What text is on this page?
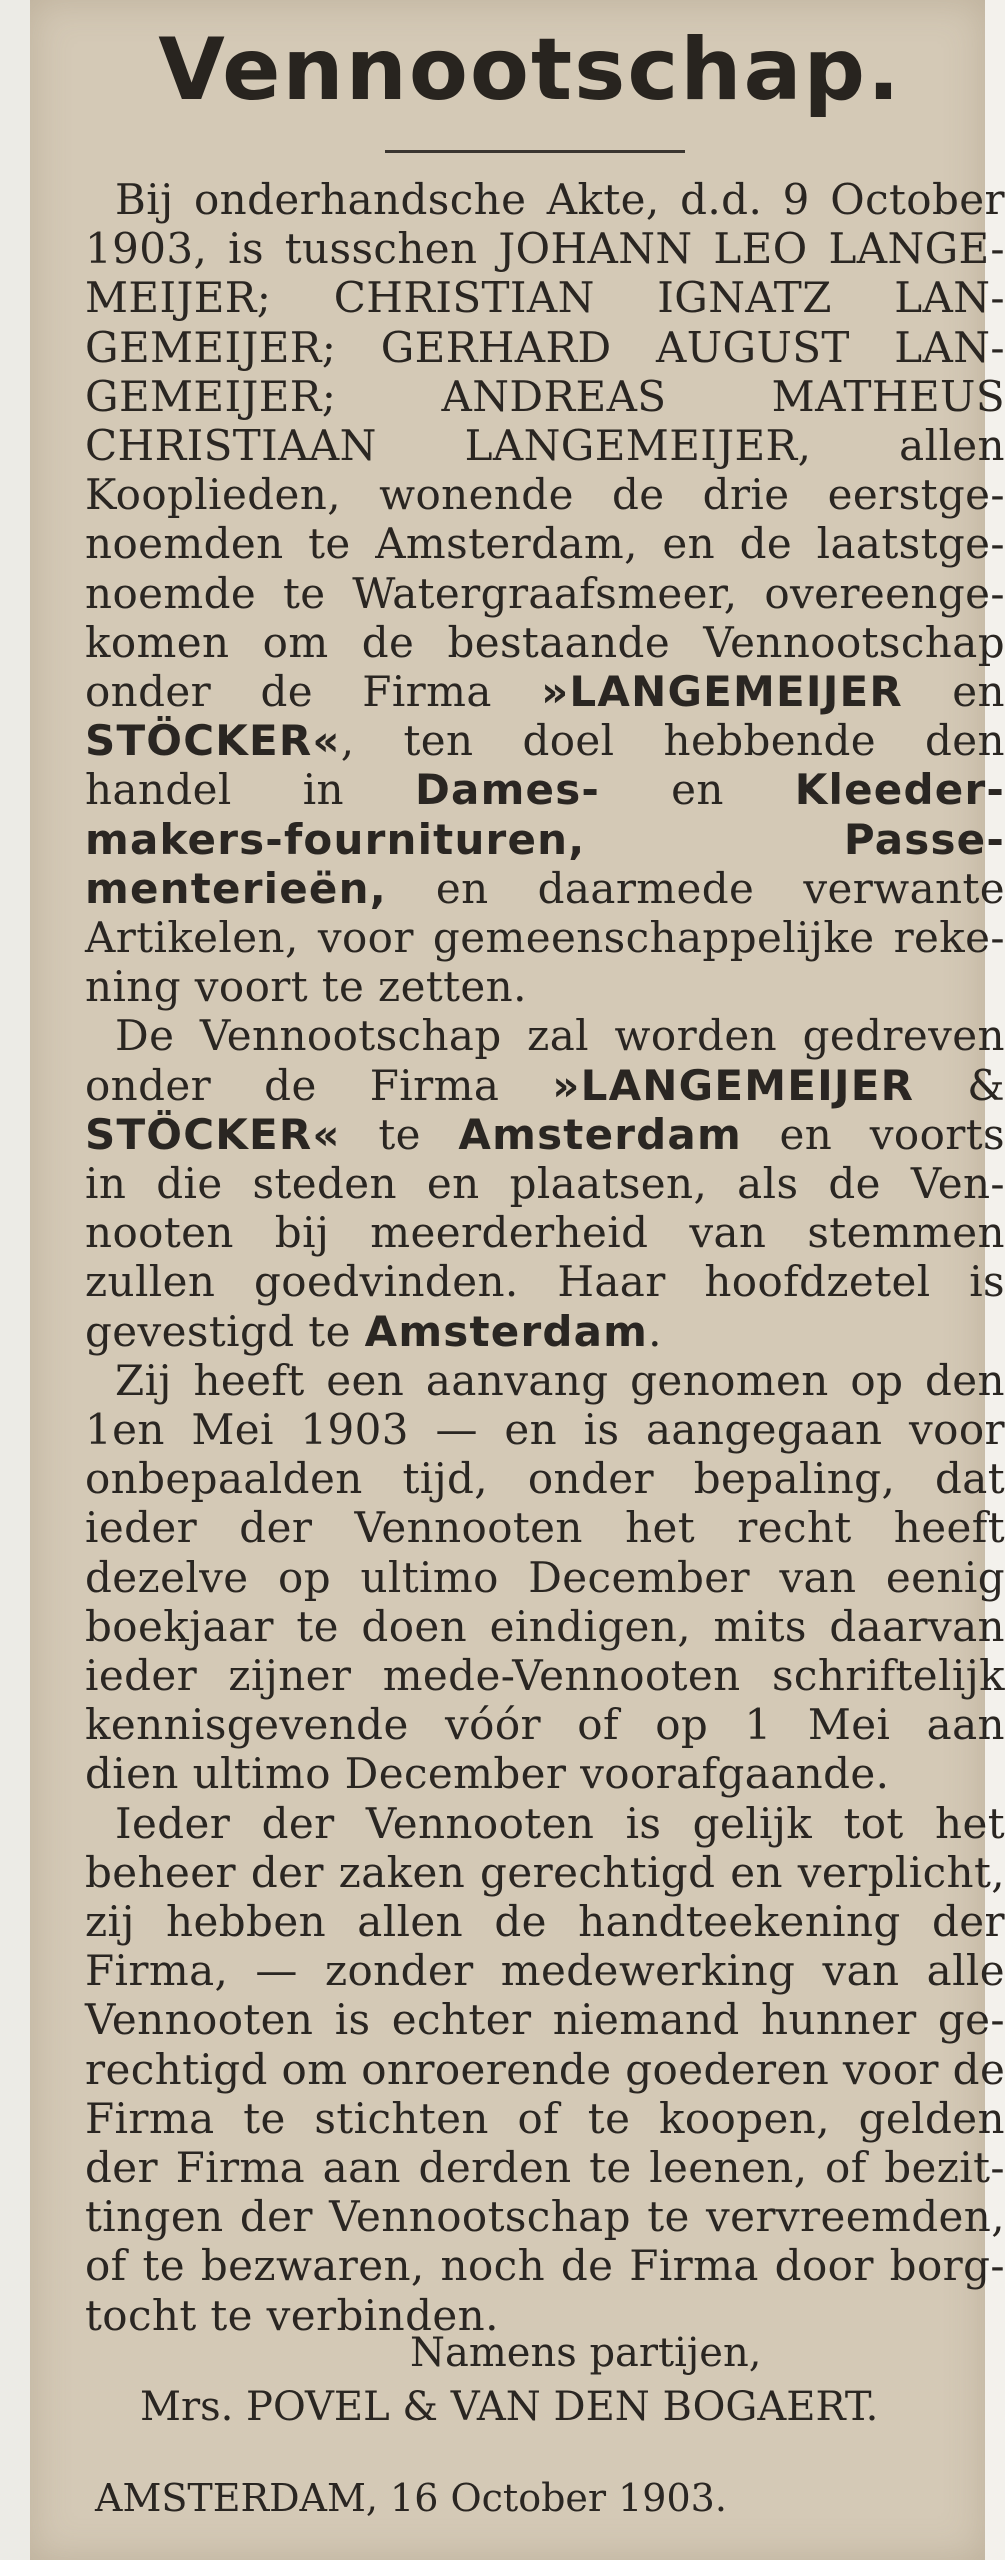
Vennootschap.
Bij onderhandsche Akte, d.d. 9 October
1903, is tusschen JOHANN LEO LANGE-
MEIJER; CHRISTIAN IGNATZ LAN-
GEMEIJER; GERHARD AUGUST LAN-
GEMEIJER; ANDREAS MATHEUS
CHRISTIAAN LANGEMEIJER, allen
Kooplieden, wonende de drie eerstge-
noemden te Amsterdam, en de laatstge-
noemde te Watergraafsmeer, overeenge-
komen om de bestaande Vennootschap
onder de Firma »LANGEMEIJER en
STÖCKER«, ten doel hebbende den
handel in Dames- en Kleeder-
makers-fournituren,	Passe-
menterieën, en daarmede verwante
Artikelen, voor gemeenschappelijke reke-
ning voort te zetten.
De Vennootschap zal worden gedreven
onder de Firma »LANGEMEIJER &
STÖCKER« te Amsterdam en voorts
in die steden en plaatsen, als de Ven-
nooten bij meerderheid van stemmen
zullen goedvinden. Haar hoofdzetel is
gevestigd te Amsterdam.
Zij heeft een aanvang genomen op den
1en Mei 1903 — en is aangegaan voor
onbepaalden tijd, onder bepaling, dat
ieder der Vennooten het recht heeft
dezelve op ultimo December van eenig
boekjaar te doen eindigen, mits daarvan
ieder zijner mede-Vennooten schriftelijk
kennisgevende vóór of op 1 Mei aan
dien ultimo December voorafgaande.
Ieder der Vennooten is gelijk tot het
beheer der zaken gerechtigd en verplicht,
zij hebben allen de handteekening der
Firma, — zonder medewerking van alle
Vennooten is echter niemand hunner ge-
rechtigd om onroerende goederen voor de
Firma te stichten of te koopen, gelden
der Firma aan derden te leenen, of bezit-
tingen der Vennootschap te vervreemden,
of te bezwaren, noch de Firma door borg-
tocht te verbinden.
Namens partijen,
Mrs. POVEL & VAN DEN BOGAERT.
AMSTERDAM, 16 October 1903.
